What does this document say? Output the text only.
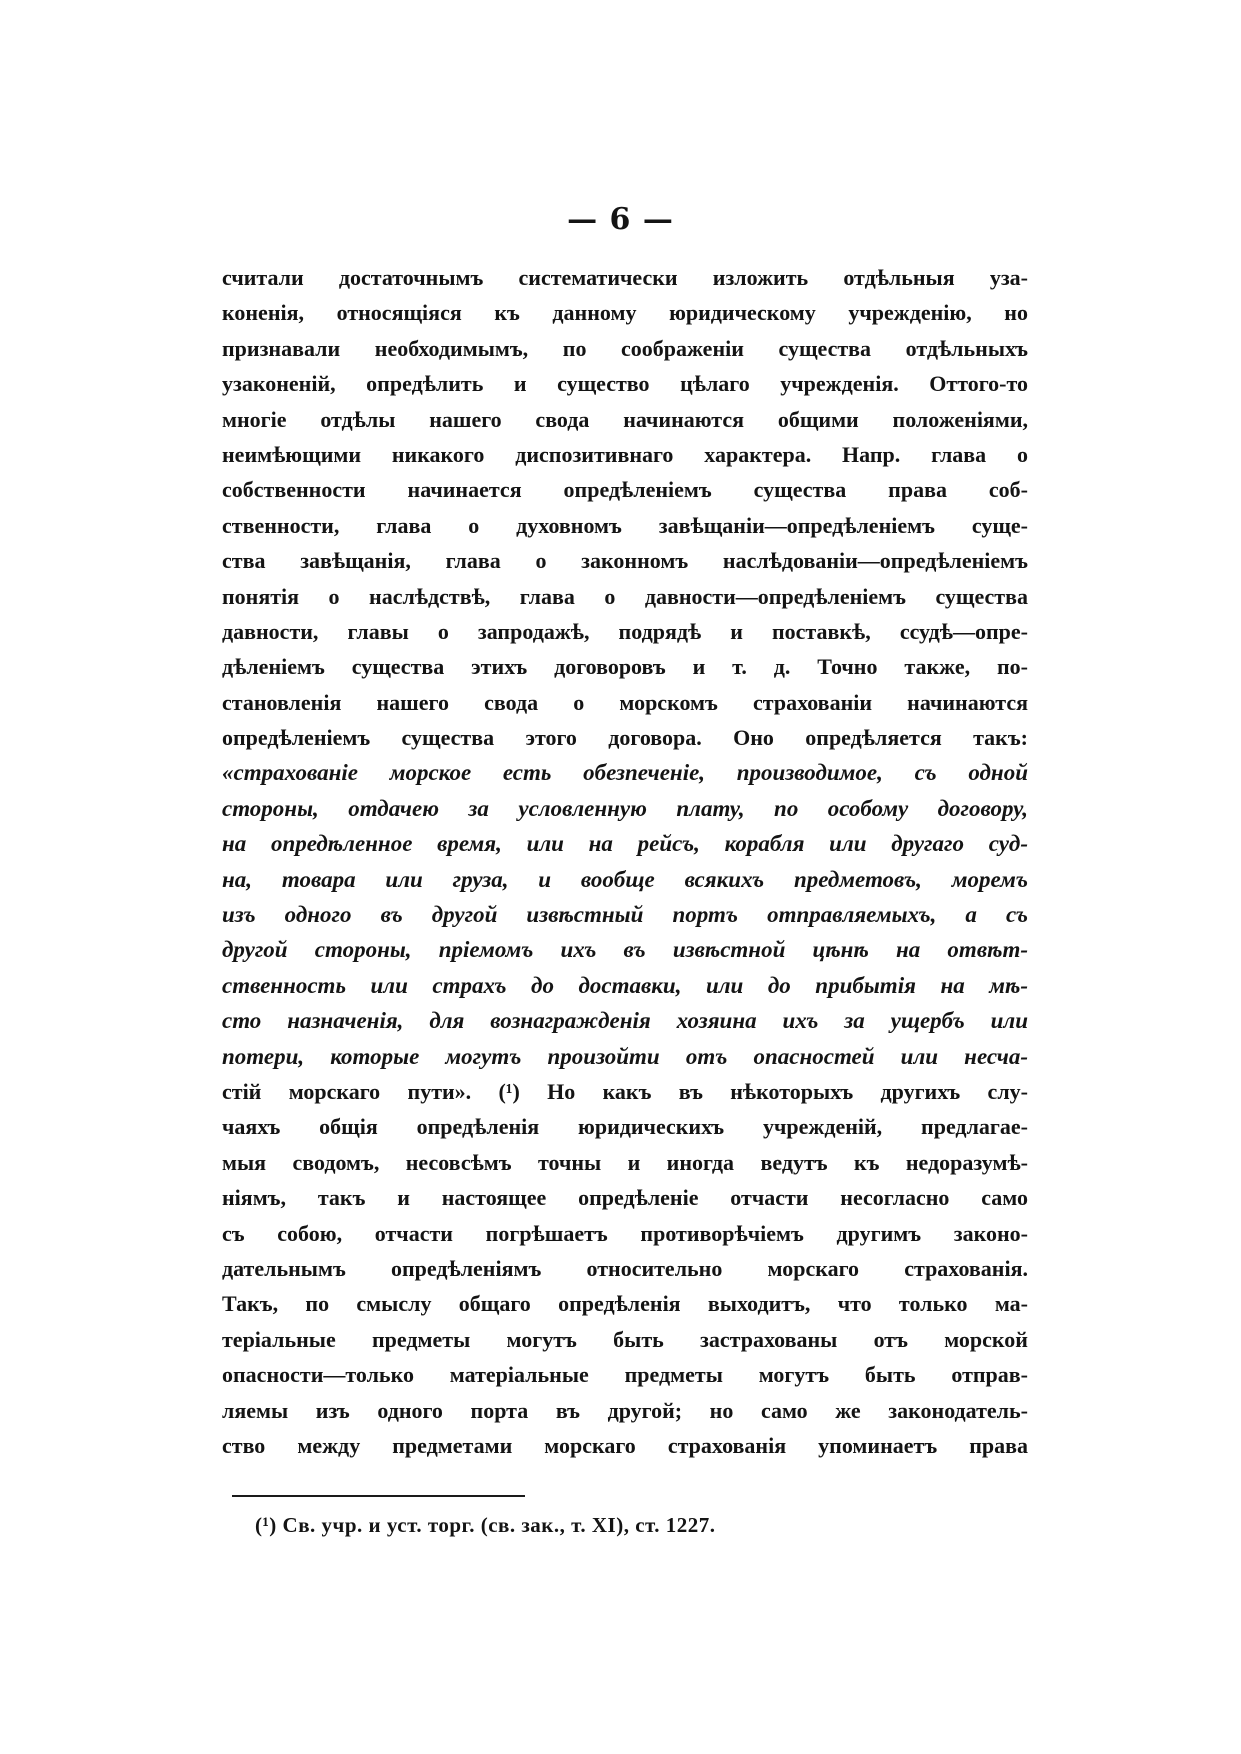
— 6 —
считали достаточнымъ систематически изложить отдѣльныя уза-
коненія, относящіяся къ данному юридическому учрежденію, но
признавали необходимымъ, по соображеніи существа отдѣльныхъ
узаконеній, опредѣлить и существо цѣлаго учрежденія. Оттого-то
многіе отдѣлы нашего свода начинаются общими положеніями,
неимѣющими никакого диспозитивнаго характера. Напр. глава о
собственности начинается опредѣленіемъ существа права соб-
ственности, глава о духовномъ завѣщаніи—опредѣленіемъ суще-
ства завѣщанія, глава о законномъ наслѣдованіи—опредѣленіемъ
понятія о наслѣдствѣ, глава о давности—опредѣленіемъ существа
давности, главы о запродажѣ, подрядѣ и поставкѣ, ссудѣ—опре-
дѣленіемъ существа этихъ договоровъ и т. д. Точно также, по-
становленія нашего свода о морскомъ страхованіи начинаются
опредѣленіемъ существа этого договора. Оно опредѣляется такъ:
«страхованіе морское есть обезпеченіе, производимое, съ одной
стороны, отдачею за условленную плату, по особому договору,
на опредѣленное время, или на рейсъ, корабля или другаго суд-
на, товара или груза, и вообще всякихъ предметовъ, моремъ
изъ одного въ другой извѣстный портъ отправляемыхъ, а съ
другой стороны, пріемомъ ихъ въ извѣстной цѣнѣ на отвѣт-
ственность или страхъ до доставки, или до прибытія на мѣ-
сто назначенія, для вознагражденія хозяина ихъ за ущербъ или
потери, которые могутъ произойти отъ опасностей или несча-
стій морскаго пути». (¹) Но какъ въ нѣкоторыхъ другихъ слу-
чаяхъ общія опредѣленія юридическихъ учрежденій, предлагае-
мыя сводомъ, несовсѣмъ точны и иногда ведутъ къ недоразумѣ-
ніямъ, такъ и настоящее опредѣленіе отчасти несогласно само
съ собою, отчасти погрѣшаетъ противорѣчіемъ другимъ законо-
дательнымъ опредѣленіямъ относительно морскаго страхованія.
Такъ, по смыслу общаго опредѣленія выходитъ, что только ма-
теріальные предметы могутъ быть застрахованы отъ морской
опасности—только матеріальные предметы могутъ быть отправ-
ляемы изъ одного порта въ другой; но само же законодатель-
ство между предметами морскаго страхованія упоминаетъ права
(¹) Св. учр. и уст. торг. (св. зак., т. XI), ст. 1227.
